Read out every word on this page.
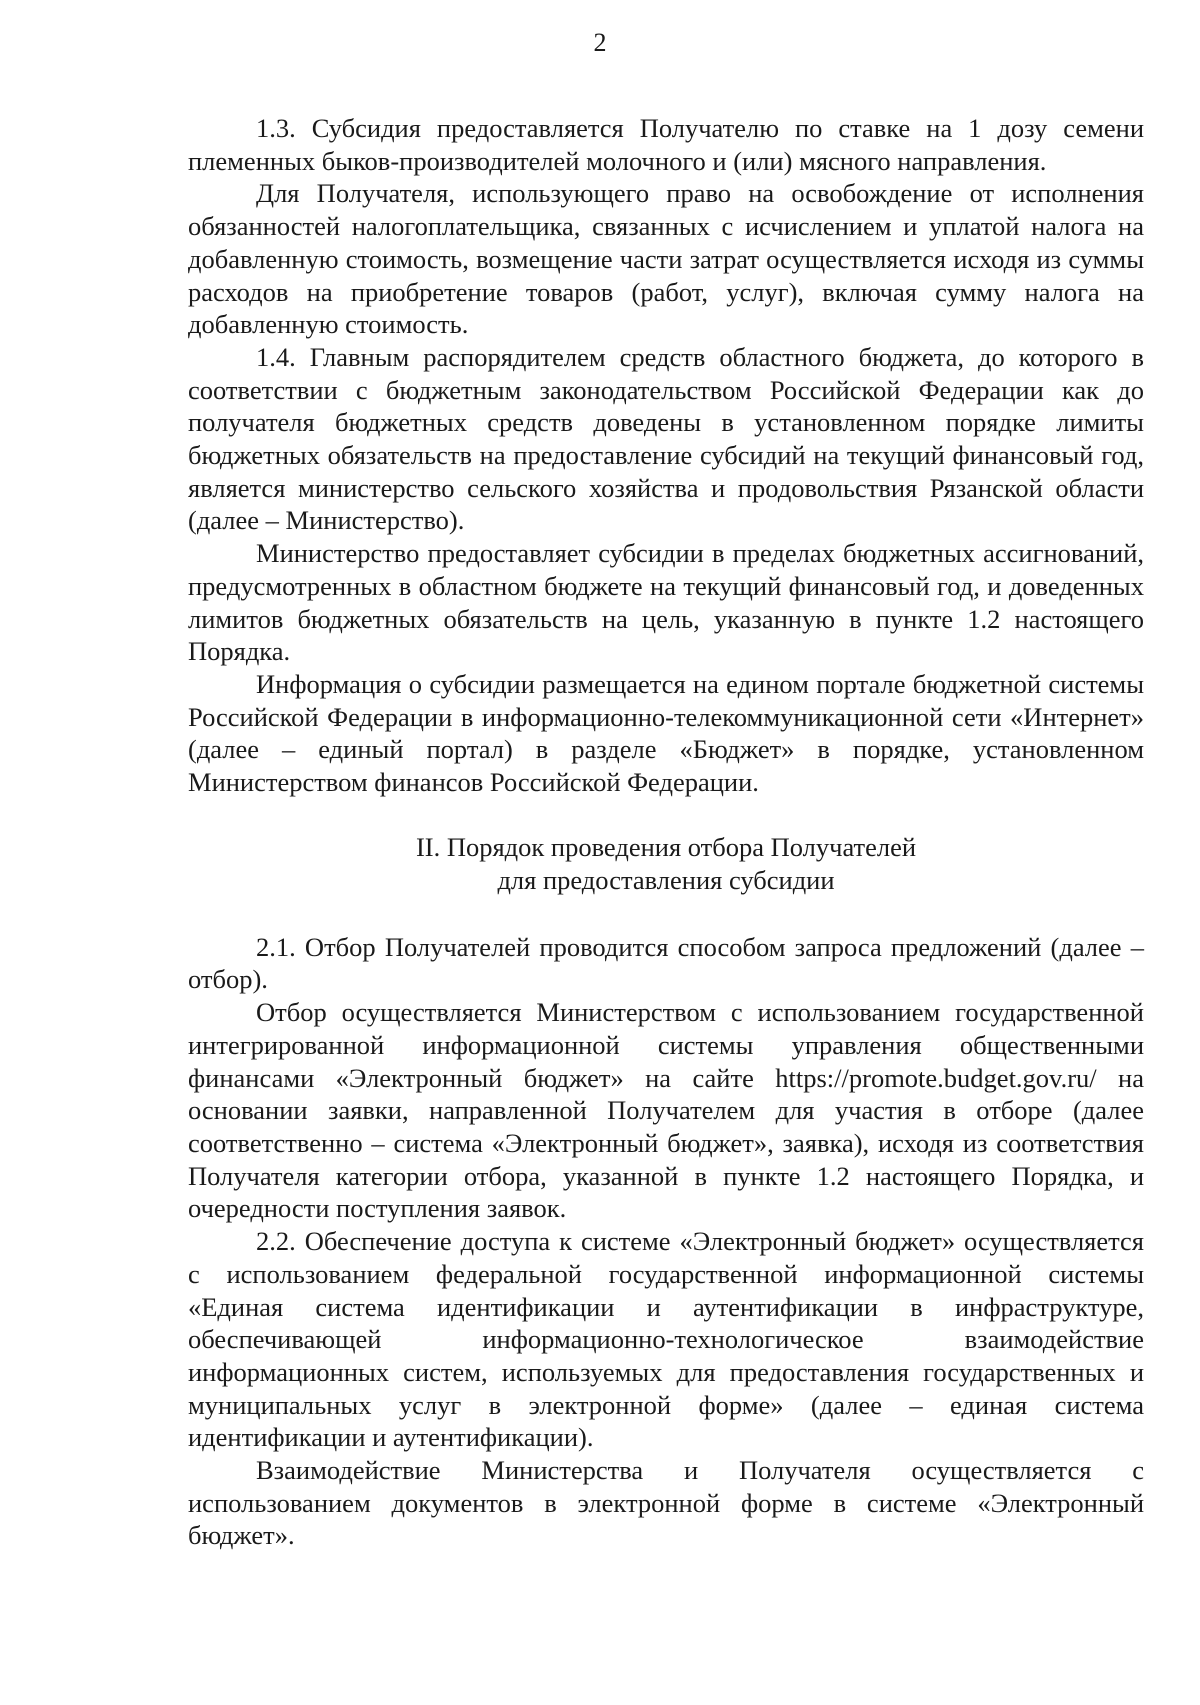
2

1.3. Субсидия предоставляется Получателю по ставке на 1 дозу семени племенных быков-производителей молочного и (или) мясного направления.

Для Получателя, использующего право на освобождение от исполнения обязанностей налогоплательщика, связанных с исчислением и уплатой налога на добавленную стоимость, возмещение части затрат осуществляется исходя из суммы расходов на приобретение товаров (работ, услуг), включая сумму налога на добавленную стоимость.

1.4. Главным распорядителем средств областного бюджета, до которого в соответствии с бюджетным законодательством Российской Федерации как до получателя бюджетных средств доведены в установленном порядке лимиты бюджетных обязательств на предоставление субсидий на текущий финансовый год, является министерство сельского хозяйства и продовольствия Рязанской области (далее – Министерство).

Министерство предоставляет субсидии в пределах бюджетных ассигнований, предусмотренных в областном бюджете на текущий финансовый год, и доведенных лимитов бюджетных обязательств на цель, указанную в пункте 1.2 настоящего Порядка.

Информация о субсидии размещается на едином портале бюджетной системы Российской Федерации в информационно-телекоммуникационной сети «Интернет» (далее – единый портал) в разделе «Бюджет» в порядке, установленном Министерством финансов Российской Федерации.

II. Порядок проведения отбора Получателей
для предоставления субсидии

2.1. Отбор Получателей проводится способом запроса предложений (далее –отбор).

Отбор осуществляется Министерством с использованием государственной интегрированной информационной системы управления общественными финансами «Электронный бюджет» на сайте https://promote.budget.gov.ru/ на основании заявки, направленной Получателем для участия в отборе (далее соответственно – система «Электронный бюджет», заявка), исходя из соответствия Получателя категории отбора, указанной в пункте 1.2 настоящего Порядка, и очередности поступления заявок.

2.2. Обеспечение доступа к системе «Электронный бюджет» осуществляется с использованием федеральной государственной информационной системы «Единая система идентификации и аутентификации в инфраструктуре, обеспечивающей информационно-технологическое взаимодействие информационных систем, используемых для предоставления государственных и муниципальных услуг в электронной форме» (далее – единая система идентификации и аутентификации).

Взаимодействие Министерства и Получателя осуществляется с использованием документов в электронной форме в системе «Электронный бюджет».
